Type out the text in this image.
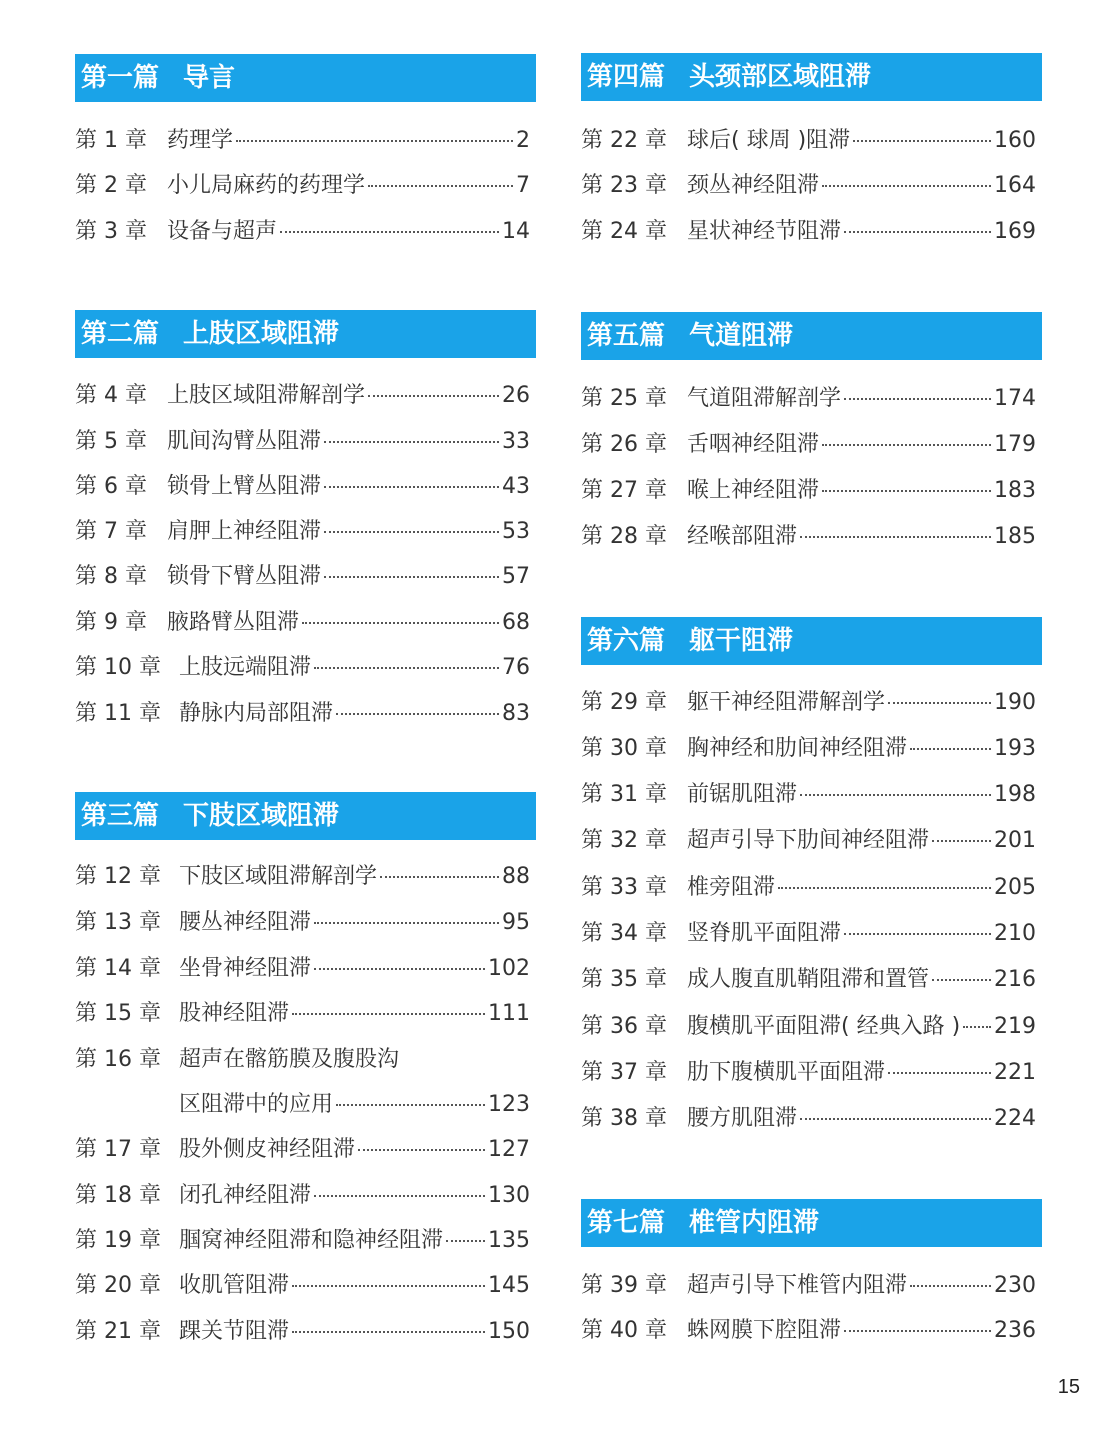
第一篇 导言
第 1 章 药理学	2
第 2 章 小儿局麻药的药理学	7
第 3 章 设备与超声	14
第二篇 上肢区域阻滞
第 4 章 上肢区域阻滞解剖学	26
第 5 章 肌间沟臂丛阻滞	33
第 6 章 锁骨上臂丛阻滞	43
第 7 章 肩胛上神经阻滞	53
第 8 章 锁骨下臂丛阻滞	57
第 9 章 腋路臂丛阻滞	68
第 10 章 上肢远端阻滞	76
第 11 章 静脉内局部阻滞	83
第三篇 下肢区域阻滞
第 12 章 下肢区域阻滞解剖学	88
第 13 章 腰丛神经阻滞	95
第 14 章 坐骨神经阻滞	102
第 15 章 股神经阻滞	111
第 16 章 超声在髂筋膜及腹股沟
区阻滞中的应用	123
第 17 章 股外侧皮神经阻滞	127
第 18 章 闭孔神经阻滞	130
第 19 章 腘窝神经阻滞和隐神经阻滞 135
第 20 章 收肌管阻滞	145
第 21 章 踝关节阻滞	150
第四篇 头颈部区域阻滞
第 22 章 球后( 球周 )阻滞	160
第 23 章 颈丛神经阻滞	164
第 24 章 星状神经节阻滞	169
第五篇 气道阻滞
第 25 章 气道阻滞解剖学	174
第 26 章 舌咽神经阻滞	179
第 27 章 喉上神经阻滞	183
第 28 章 经喉部阻滞	185
第六篇 躯干阻滞
第 29 章 躯干神经阻滞解剖学	190
第 30 章 胸神经和肋间神经阻滞	193
第 31 章 前锯肌阻滞	198
第 32 章 超声引导下肋间神经阻滞	201
第 33 章 椎旁阻滞	205
第 34 章 竖脊肌平面阻滞	210
第 35 章 成人腹直肌鞘阻滞和置管	216
第 36 章 腹横肌平面阻滞( 经典入路 ) 219
第 37 章 肋下腹横肌平面阻滞	221
第 38 章 腰方肌阻滞	224
第七篇 椎管内阻滞
第 39 章 超声引导下椎管内阻滞	230
第 40 章 蛛网膜下腔阻滞	236
15
